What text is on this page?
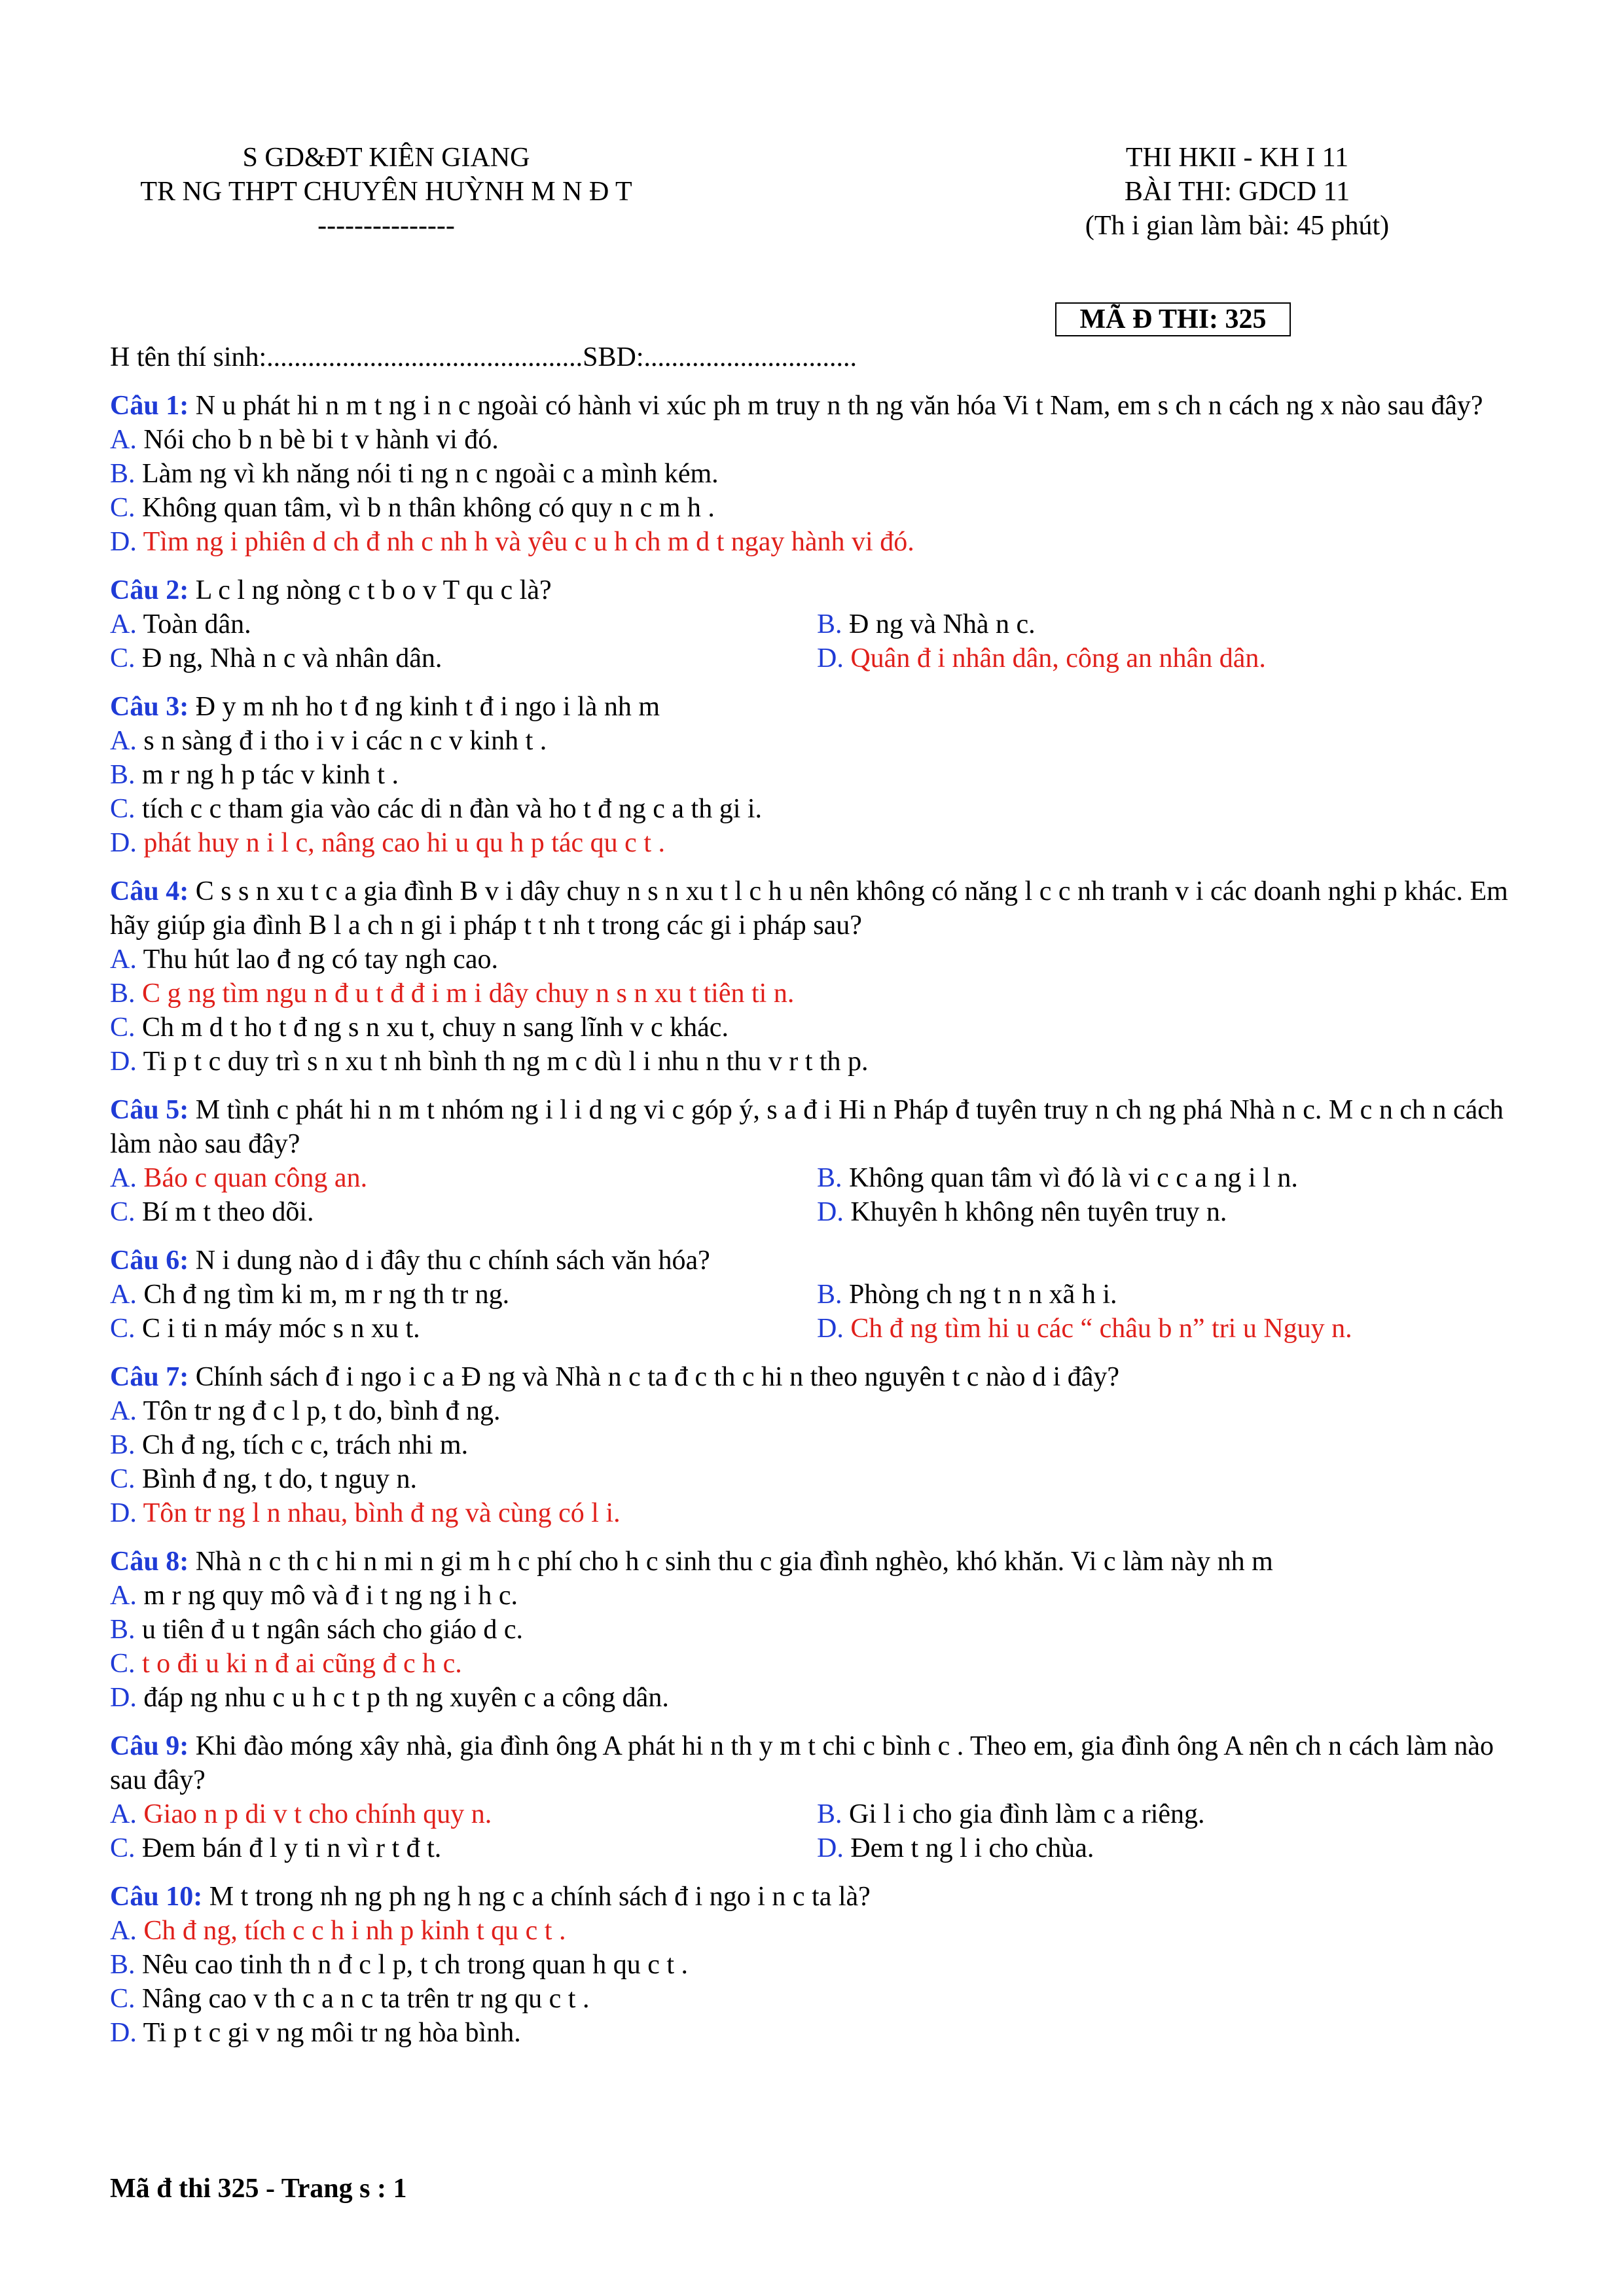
S GD&ĐT KIÊN GIANG
TR NG THPT CHUYÊN HUỲNH M N Đ T
---------------
THI HKII - KH I 11
BÀI THI: GDCD 11
(Th i gian làm bài: 45 phút)
MÃ Đ THI: 325
H tên thí sinh:..............................................SBD:...............................
Câu 1: N u phát hi n m t ng i n c ngoài có hành vi xúc ph m truy n th ng văn hóa Vi t Nam, em s ch n cách ng x nào sau đây?
A. Nói cho b n bè bi t v hành vi đó.
B. Làm ng vì kh năng nói ti ng n c ngoài c a mình kém.
C. Không quan tâm, vì b n thân không có quy n c m h .
D. Tìm ng i phiên d ch đ nh c nh h và yêu c u h ch m d t ngay hành vi đó.
Câu 2: L c l ng nòng c t b o v T qu c là?
A. Toàn dân.	B. Đ ng và Nhà n c.
C. Đ ng, Nhà n c và nhân dân.	D. Quân đ i nhân dân, công an nhân dân.
Câu 3: Đ y m nh ho t đ ng kinh t đ i ngo i là nh m
A. s n sàng đ i tho i v i các n c v kinh t .
B. m r ng h p tác v kinh t .
C. tích c c tham gia vào các di n đàn và ho t đ ng c a th gi i.
D. phát huy n i l c, nâng cao hi u qu h p tác qu c t .
Câu 4: C s s n xu t c a gia đình B v i dây chuy n s n xu t l c h u nên không có năng l c c nh tranh v i các doanh nghi p khác. Em hãy giúp gia đình B l a ch n gi i pháp t t nh t trong các gi i pháp sau?
A. Thu hút lao đ ng có tay ngh cao.
B. C g ng tìm ngu n đ u t đ đ i m i dây chuy n s n xu t tiên ti n.
C. Ch m d t ho t đ ng s n xu t, chuy n sang lĩnh v c khác.
D. Ti p t c duy trì s n xu t nh bình th ng m c dù l i nhu n thu v r t th p.
Câu 5: M tình c phát hi n m t nhóm ng i l i d ng vi c góp ý, s a đ i Hi n Pháp đ tuyên truy n ch ng phá Nhà n c. M c n ch n cách làm nào sau đây?
A. Báo c quan công an.	B. Không quan tâm vì đó là vi c c a ng i l n.
C. Bí m t theo dõi.	D. Khuyên h không nên tuyên truy n.
Câu 6: N i dung nào d i đây thu c chính sách văn hóa?
A. Ch đ ng tìm ki m, m r ng th tr ng.	B. Phòng ch ng t n n xã h i.
C. C i ti n máy móc s n xu t.	D. Ch đ ng tìm hi u các “ châu b n” tri u Nguy n.
Câu 7: Chính sách đ i ngo i c a Đ ng và Nhà n c ta đ c th c hi n theo nguyên t c nào d i đây?
A. Tôn tr ng đ c l p, t do, bình đ ng.
B. Ch đ ng, tích c c, trách nhi m.
C. Bình đ ng, t do, t nguy n.
D. Tôn tr ng l n nhau, bình đ ng và cùng có l i.
Câu 8: Nhà n c th c hi n mi n gi m h c phí cho h c sinh thu c gia đình nghèo, khó khăn. Vi c làm này nh m
A. m r ng quy mô và đ i t ng ng i h c.
B. u tiên đ u t ngân sách cho giáo d c.
C. t o đi u ki n đ ai cũng đ c h c.
D. đáp ng nhu c u h c t p th ng xuyên c a công dân.
Câu 9: Khi đào móng xây nhà, gia đình ông A phát hi n th y m t chi c bình c . Theo em, gia đình ông A nên ch n cách làm nào sau đây?
A. Giao n p di v t cho chính quy n.	B. Gi l i cho gia đình làm c a riêng.
C. Đem bán đ l y ti n vì r t đ t.	D. Đem t ng l i cho chùa.
Câu 10: M t trong nh ng ph ng h ng c a chính sách đ i ngo i n c ta là?
A. Ch đ ng, tích c c h i nh p kinh t qu c t .
B. Nêu cao tinh th n đ c l p, t ch trong quan h qu c t .
C. Nâng cao v th c a n c ta trên tr ng qu c t .
D. Ti p t c gi v ng môi tr ng hòa bình.
Mã đ thi 325 - Trang s : 1
